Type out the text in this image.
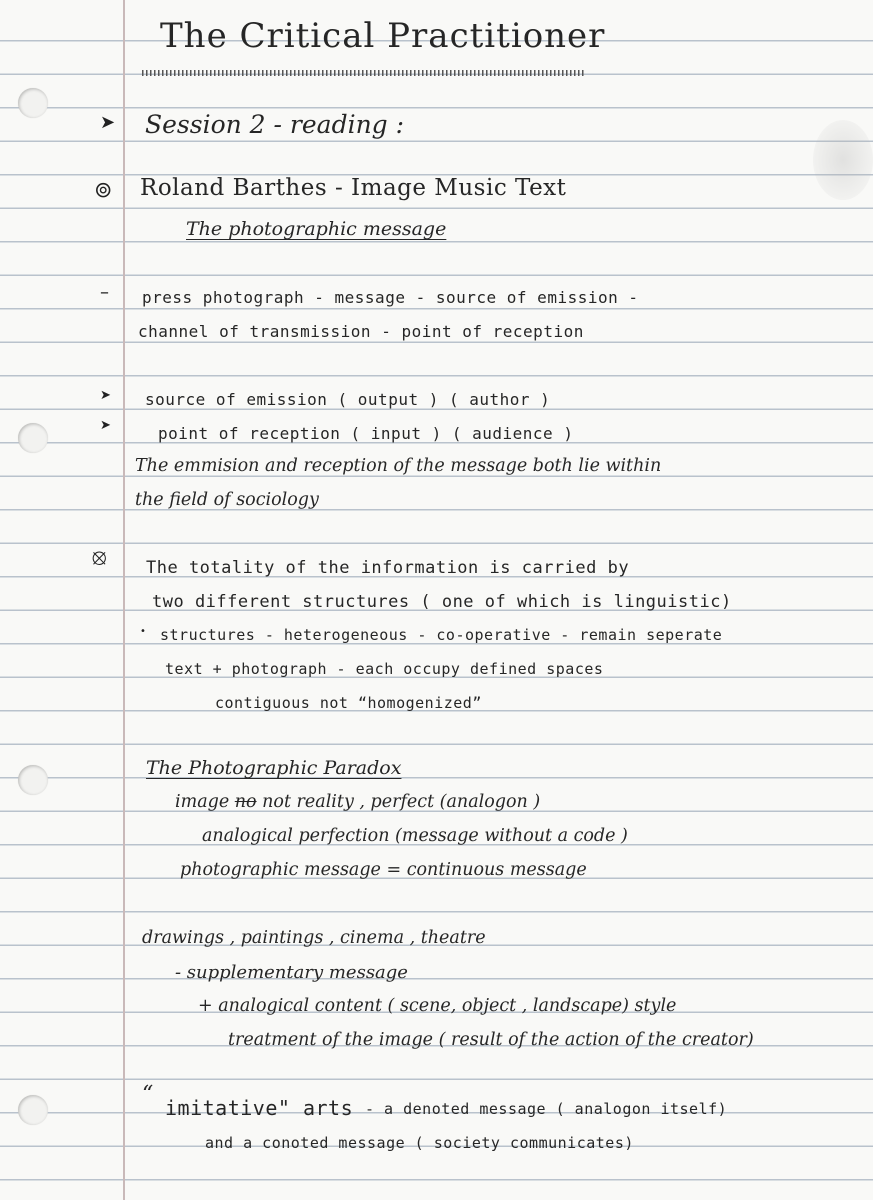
The Critical Practitioner
➤ Session 2 - reading :
⊚ Roland Barthes - Image Music Text
The photographic message
– press photograph - message - source of emission -
channel of transmission - point of reception
➤ source of emission ( output ) ( author )
➤	point of reception ( input ) ( audience )
The emmision and reception of the message both lie within
the field of sociology
⦻ The totality of the information is carried by
two different structures ( one of which is linguistic)
• structures - heterogeneous - co-operative - remain seperate
text + photograph - each occupy defined spaces
contiguous not “homogenized”
The Photographic Paradox
image no not reality , perfect (analogon )
analogical perfection (message without a code )
photographic message = continuous message
drawings , paintings , cinema , theatre
- supplementary message
+ analogical content ( scene, object , landscape) style
treatment of the image ( result of the action of the creator)
“
imitative" arts - a denoted message ( analogon itself)
and a conoted message ( society communicates)
